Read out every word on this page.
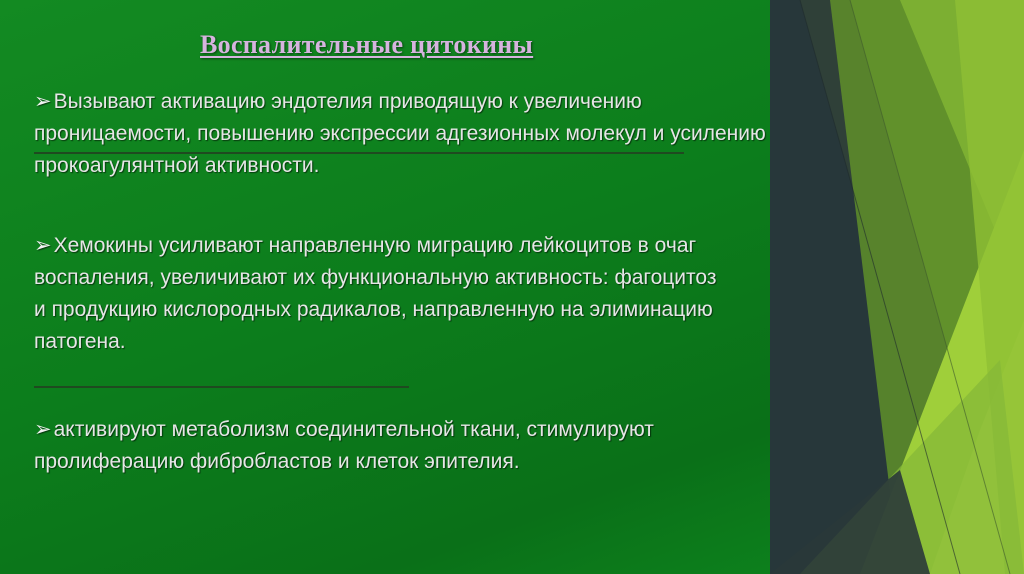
Воспалительные цитокины

➢Вызывают активацию эндотелия приводящую к увеличению проницаемости, повышению экспрессии адгезионных молекул и усилению прокоагулянтной активности.

➢Хемокины усиливают направленную миграцию лейкоцитов в очаг воспаления, увеличивают их функциональную активность: фагоцитоз и продукцию кислородных радикалов, направленную на элиминацию патогена.

➢активируют метаболизм соединительной ткани, стимулируют пролиферацию фибробластов и клеток эпителия.
